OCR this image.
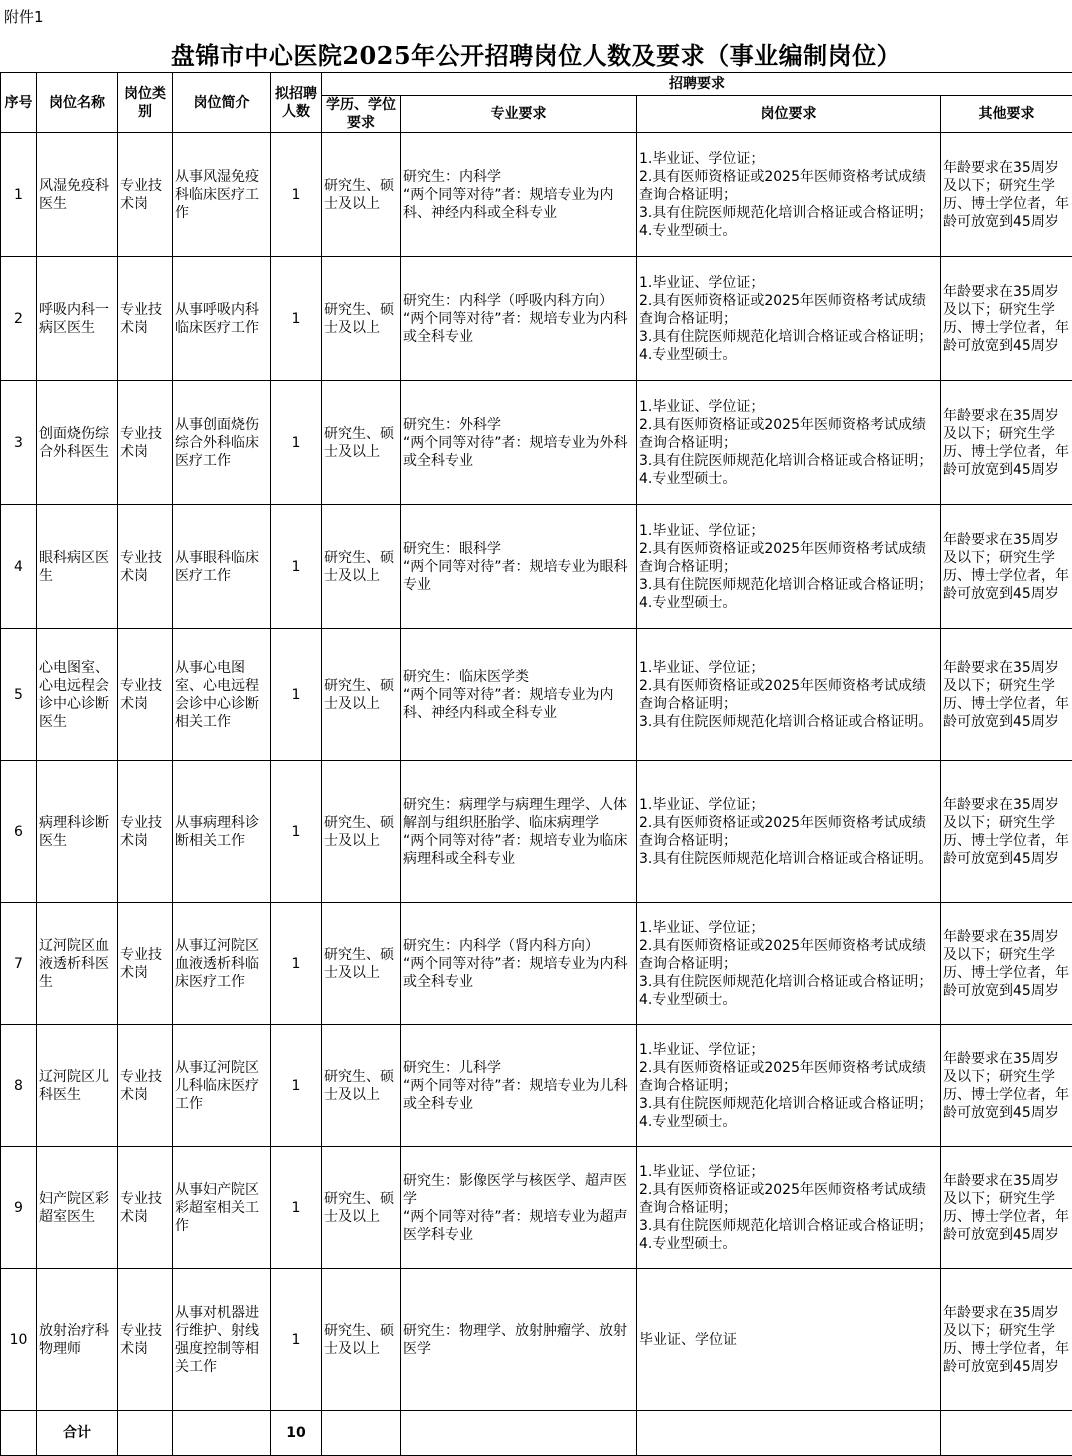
附件1
盘锦市中心医院2025年公开招聘岗位人数及要求（事业编制岗位）
序号	岗位名称	岗位类别	岗位简介	拟招聘人数	招聘要求			
					学历、学位要求	专业要求	岗位要求	其他要求
1	风湿免疫科医生	专业技术岗	从事风湿免疫科临床医疗工作	1	研究生、硕士及以上	研究生：内科学
“两个同等对待”者：规培专业为内科、神经内科或全科专业	1.毕业证、学位证；
2.具有医师资格证或2025年医师资格考试成绩查询合格证明；
3.具有住院医师规范化培训合格证或合格证明；
4.专业型硕士。	年龄要求在35周岁及以下；研究生学历、博士学位者，年龄可放宽到45周岁
2	呼吸内科一病区医生	专业技术岗	从事呼吸内科临床医疗工作	1	研究生、硕士及以上	研究生：内科学（呼吸内科方向）
“两个同等对待”者：规培专业为内科或全科专业	1.毕业证、学位证；
2.具有医师资格证或2025年医师资格考试成绩查询合格证明；
3.具有住院医师规范化培训合格证或合格证明；
4.专业型硕士。	年龄要求在35周岁及以下；研究生学历、博士学位者，年龄可放宽到45周岁
3	创面烧伤综合外科医生	专业技术岗	从事创面烧伤综合外科临床医疗工作	1	研究生、硕士及以上	研究生：外科学
“两个同等对待”者：规培专业为外科或全科专业	1.毕业证、学位证；
2.具有医师资格证或2025年医师资格考试成绩查询合格证明；
3.具有住院医师规范化培训合格证或合格证明；
4.专业型硕士。	年龄要求在35周岁及以下；研究生学历、博士学位者，年龄可放宽到45周岁
4	眼科病区医生	专业技术岗	从事眼科临床医疗工作	1	研究生、硕士及以上	研究生：眼科学
“两个同等对待”者：规培专业为眼科专业	1.毕业证、学位证；
2.具有医师资格证或2025年医师资格考试成绩查询合格证明；
3.具有住院医师规范化培训合格证或合格证明；
4.专业型硕士。	年龄要求在35周岁及以下；研究生学历、博士学位者，年龄可放宽到45周岁
5	心电图室、心电远程会诊中心诊断医生	专业技术岗	从事心电图室、心电远程会诊中心诊断相关工作	1	研究生、硕士及以上	研究生：临床医学类
“两个同等对待”者：规培专业为内科、神经内科或全科专业	1.毕业证、学位证；
2.具有医师资格证或2025年医师资格考试成绩查询合格证明；
3.具有住院医师规范化培训合格证或合格证明。	年龄要求在35周岁及以下；研究生学历、博士学位者，年龄可放宽到45周岁
6	病理科诊断医生	专业技术岗	从事病理科诊断相关工作	1	研究生、硕士及以上	研究生：病理学与病理生理学、人体解剖与组织胚胎学、临床病理学
“两个同等对待”者：规培专业为临床病理科或全科专业	1.毕业证、学位证；
2.具有医师资格证或2025年医师资格考试成绩查询合格证明；
3.具有住院医师规范化培训合格证或合格证明。	年龄要求在35周岁及以下；研究生学历、博士学位者，年龄可放宽到45周岁
7	辽河院区血液透析科医生	专业技术岗	从事辽河院区血液透析科临床医疗工作	1	研究生、硕士及以上	研究生：内科学（肾内科方向）
“两个同等对待”者：规培专业为内科或全科专业	1.毕业证、学位证；
2.具有医师资格证或2025年医师资格考试成绩查询合格证明；
3.具有住院医师规范化培训合格证或合格证明；
4.专业型硕士。	年龄要求在35周岁及以下；研究生学历、博士学位者，年龄可放宽到45周岁
8	辽河院区儿科医生	专业技术岗	从事辽河院区儿科临床医疗工作	1	研究生、硕士及以上	研究生：儿科学
“两个同等对待”者：规培专业为儿科或全科专业	1.毕业证、学位证；
2.具有医师资格证或2025年医师资格考试成绩查询合格证明；
3.具有住院医师规范化培训合格证或合格证明；
4.专业型硕士。	年龄要求在35周岁及以下；研究生学历、博士学位者，年龄可放宽到45周岁
9	妇产院区彩超室医生	专业技术岗	从事妇产院区彩超室相关工作	1	研究生、硕士及以上	研究生：影像医学与核医学、超声医学
“两个同等对待”者：规培专业为超声医学科专业	1.毕业证、学位证；
2.具有医师资格证或2025年医师资格考试成绩查询合格证明；
3.具有住院医师规范化培训合格证或合格证明；
4.专业型硕士。	年龄要求在35周岁及以下；研究生学历、博士学位者，年龄可放宽到45周岁
10	放射治疗科物理师	专业技术岗	从事对机器进行维护、射线强度控制等相关工作	1	研究生、硕士及以上	研究生：物理学、放射肿瘤学、放射医学	毕业证、学位证	年龄要求在35周岁及以下；研究生学历、博士学位者，年龄可放宽到45周岁
	合计			10				
